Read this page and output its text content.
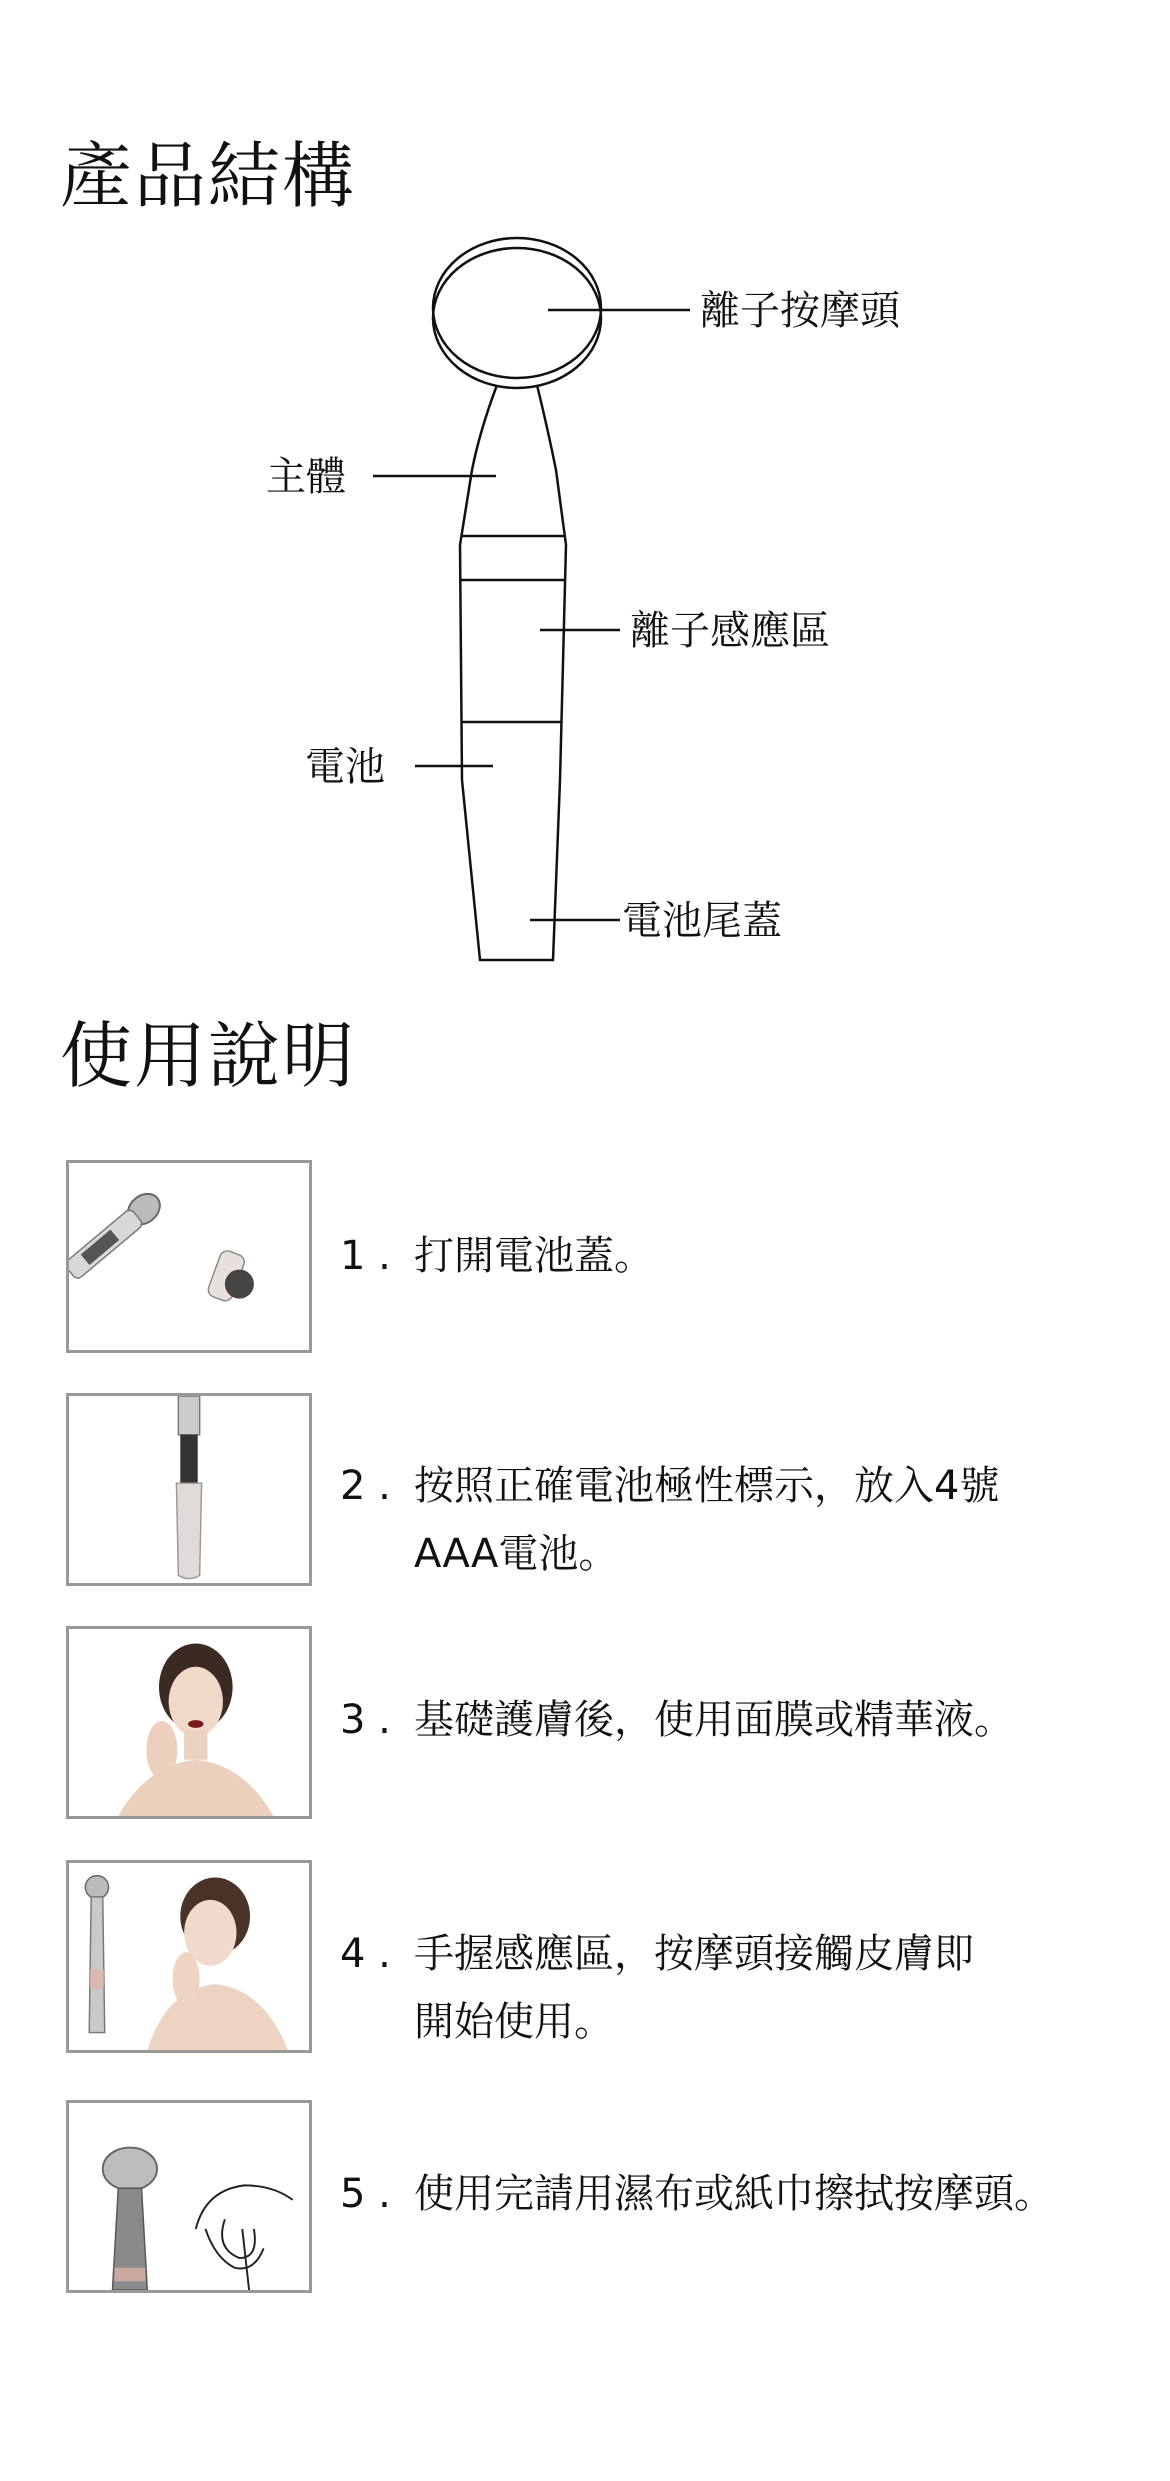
產品結構
離子按摩頭
主體
離子感應區
電池
電池尾蓋
使用說明
1 . 打開電池蓋。
2 . 按照正確電池極性標示，放入4號
AAA電池。
3 . 基礎護膚後，使用面膜或精華液。
4 . 手握感應區，按摩頭接觸皮膚即
開始使用。
5 . 使用完請用濕布或紙巾擦拭按摩頭。
